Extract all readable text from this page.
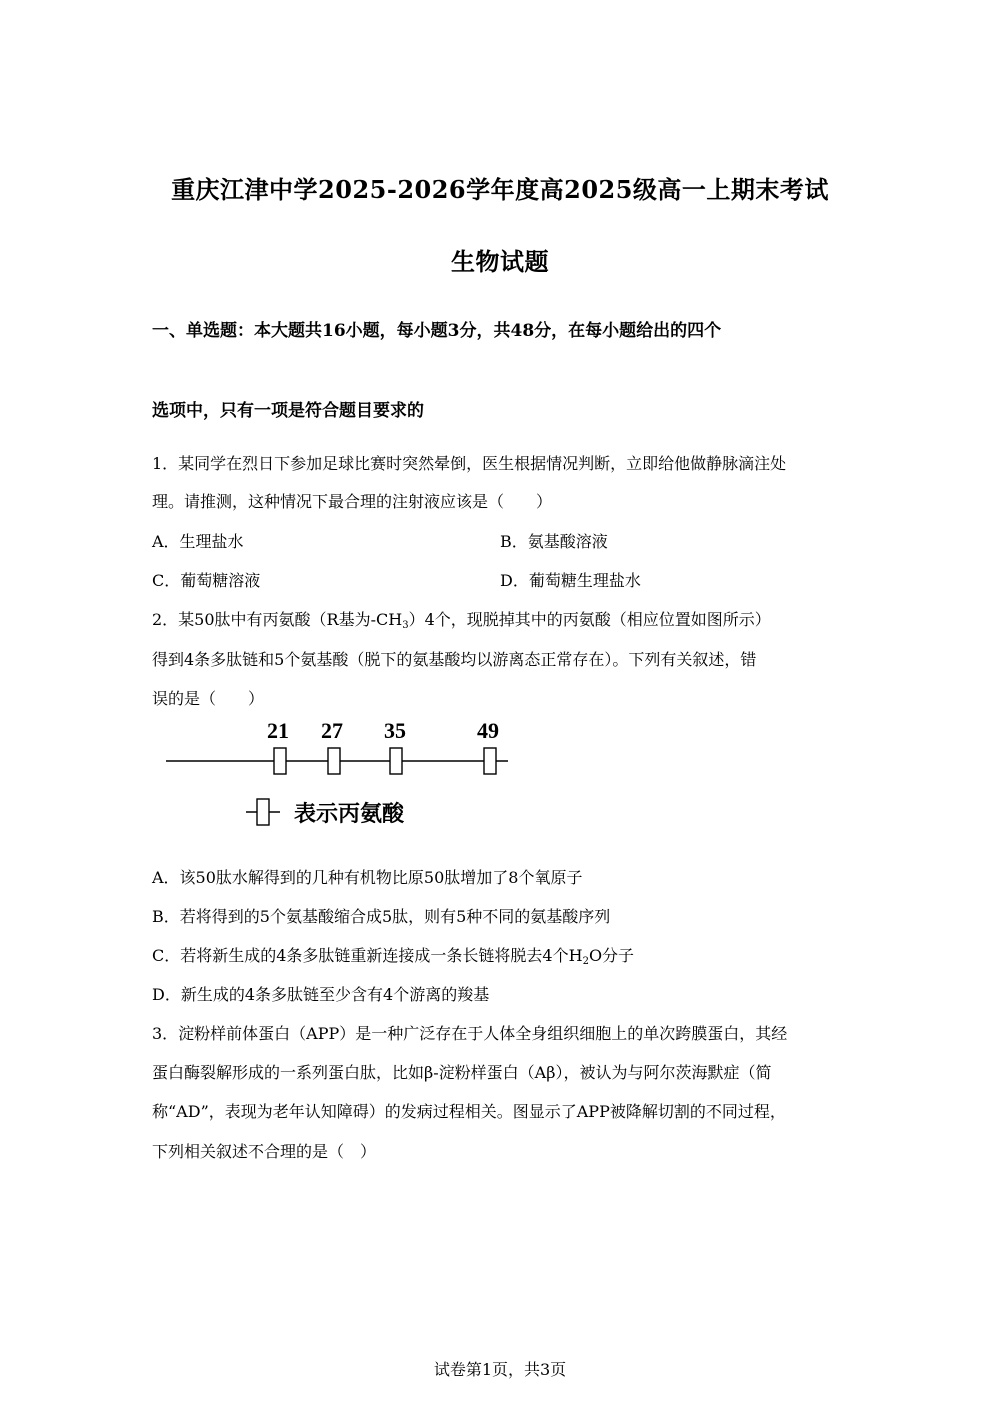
重庆江津中学2025-2026学年度高2025级高一上期末考试
生物试题
一、单选题：本大题共16小题，每小题3分，共48分，在每小题给出的四个
选项中，只有一项是符合题目要求的
1．某同学在烈日下参加足球比赛时突然晕倒，医生根据情况判断，立即给他做静脉滴注处
理。请推测，这种情况下最合理的注射液应该是（　　）
A．生理盐水	B．氨基酸溶液
C．葡萄糖溶液	D．葡萄糖生理盐水
2．某50肽中有丙氨酸（R基为$-CH_3)4$个，现脱掉其中的丙氨酸（相应位置如图所示）
得到4条多肽链和5个氨基酸（脱下的氨基酸均以游离态正常存在）。下列有关叙述，错
误的是（　　）
21 27 35	49
表示丙氨酸
A．该50肽水解得到的几种有机物比原50肽增加了8个氧原子
B．若将得到的5个氨基酸缩合成5肽，则有5种不同的氨基酸序列
C．若将新生成的4条多肽链重新连接成一条长链将脱去4个$H_2O$分子
D．新生成的4条多肽链至少含有4个游离的羧基
3．淀粉样前体蛋白（APP）是一种广泛存在于人体全身组织细胞上的单次跨膜蛋白，其经
蛋白酶裂解形成的一系列蛋白肽，比如β-淀粉样蛋白（Aβ），被认为与阿尔茨海默症（简
称“AD”，表现为老年认知障碍）的发病过程相关。图显示了APP被降解切割的不同过程，
下列相关叙述不合理的是（　）
试卷第1页，共3页
